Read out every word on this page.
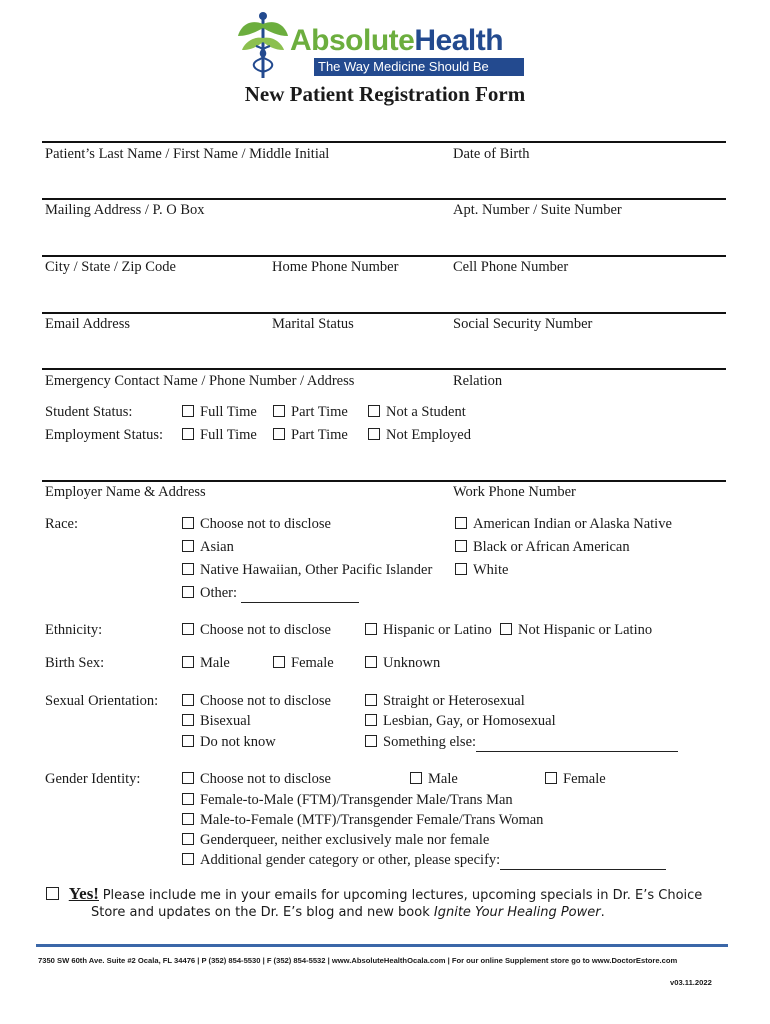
AbsoluteHealth
The Way Medicine Should Be
New Patient Registration Form
Patient’s Last Name / First Name / Middle Initial	Date of Birth
Mailing Address / P. O Box	Apt. Number / Suite Number
City / State / Zip Code	Home Phone Number	Cell Phone Number
Email Address	Marital Status	Social Security Number
Emergency Contact Name / Phone Number / Address	Relation
Student Status:	Full Time	Part Time	Not a Student
Employment Status:	Full Time	Part Time	Not Employed
Employer Name & Address	Work Phone Number
Race:	Choose not to disclose	American Indian or Alaska Native
Asian	Black or African American
Native Hawaiian, Other Pacific Islander	White
Other:
Ethnicity:	Choose not to disclose	Hispanic or Latino	Not Hispanic or Latino
Birth Sex:	Male	Female	Unknown
Sexual Orientation:	Choose not to disclose	Straight or Heterosexual
Bisexual	Lesbian, Gay, or Homosexual
Do not know	Something else:
Gender Identity:	Choose not to disclose	Male	Female
Female-to-Male (FTM)/Transgender Male/Trans Man
Male-to-Female (MTF)/Transgender Female/Trans Woman
Genderqueer, neither exclusively male nor female
Additional gender category or other, please specify:
Yes! Please include me in your emails for upcoming lectures, upcoming specials in Dr. E’s Choice
Store and updates on the Dr. E’s blog and new book Ignite Your Healing Power.
7350 SW 60th Ave. Suite #2 Ocala, FL 34476 | P (352) 854-5530 | F (352) 854-5532 | www.AbsoluteHealthOcala.com | For our online Supplement store go to www.DoctorEstore.com
v03.11.2022
